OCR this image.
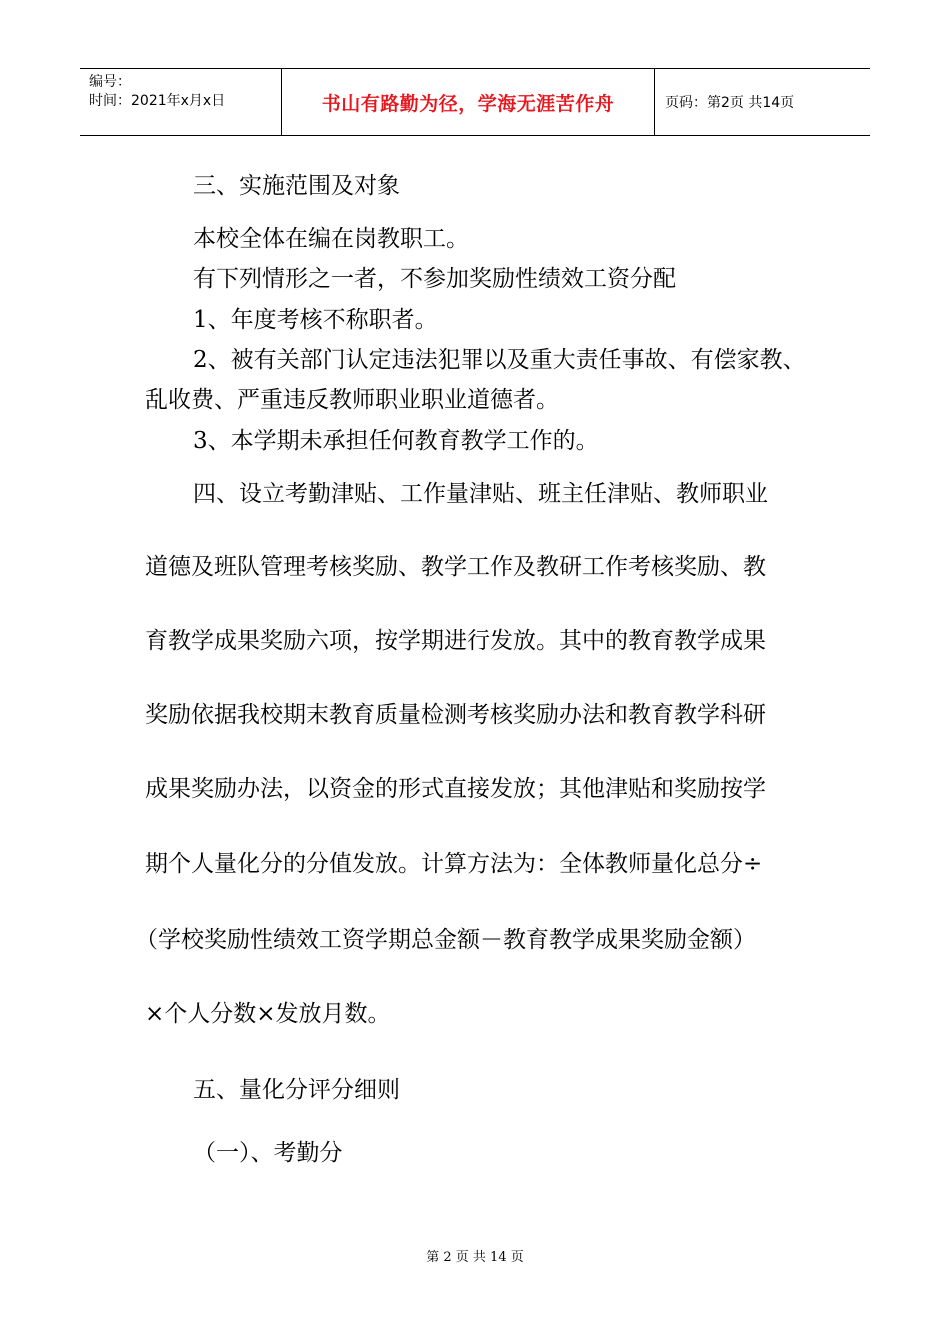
编号：
时间：2021年x月x日	书山有路勤为径，学海无涯苦作舟	页码：第2页 共14页
三、实施范围及对象
本校全体在编在岗教职工。
有下列情形之一者，不参加奖励性绩效工资分配
1、年度考核不称职者。
2、被有关部门认定违法犯罪以及重大责任事故、有偿家教、
乱收费、严重违反教师职业职业道德者。
3、本学期未承担任何教育教学工作的。
四、设立考勤津贴、工作量津贴、班主任津贴、教师职业
道德及班队管理考核奖励、教学工作及教研工作考核奖励、教
育教学成果奖励六项，按学期进行发放。其中的教育教学成果
奖励依据我校期末教育质量检测考核奖励办法和教育教学科研
成果奖励办法，以资金的形式直接发放；其他津贴和奖励按学
期个人量化分的分值发放。计算方法为：全体教师量化总分÷
（学校奖励性绩效工资学期总金额－教育教学成果奖励金额）
×个人分数×发放月数。
五、量化分评分细则
（一）、考勤分
第 2 页 共 14 页
